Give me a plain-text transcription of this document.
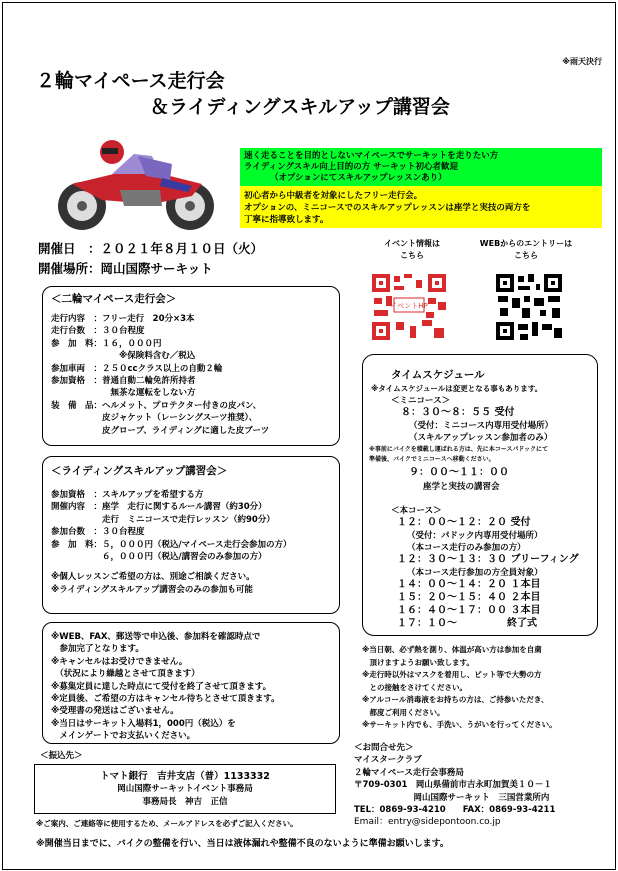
※雨天決行
２輪マイペース走行会
＆ライディングスキルアップ講習会
速く走ることを目的としないマイペースでサーキットを走りたい方
ライディングスキル向上目的の方 サーキット初心者歓迎
（オプションにてスキルアップレッスンあり）
初心者から中級者を対象にしたフリー走行会。
オプションの、ミニコースでのスキルアップレッスンは座学と実技の両方を
丁寧に指導致します。
開催日　：２０２１年８月１０日（火）
開催場所：岡山国際サーキット
イベント情報は
こちら
WEBからのエントリーは
こちら
イベントHP
＜二輪マイペース走行会＞
走行内容　：フリー走行　20分×3本
走行台数　：３０台程度
参　加　料：１６，０００円
　　　　　　　　※保険料含む／税込
参加車両　：２５０ccクラス以上の自動２輪
参加資格　：普通自動二輪免許所持者
　　　　　　　無茶な運転をしない方
装　備　品：ヘルメット、プロテクター付きの皮パン、
　　　　　　皮ジャケット（レーシングスーツ推奨）、
　　　　　　皮グローブ、ライディングに適した皮ブーツ
＜ライディングスキルアップ講習会＞
参加資格　：スキルアップを希望する方
開催内容　：座学　走行に関するルール講習（約30分）
　　　　　　走行　ミニコースで走行レッスン（約90分）
参加台数　：３０台程度
参　加　料：５，０００円（税込/マイペース走行会参加の方）
　　　　　　６，０００円（税込/講習会のみ参加の方）
※個人レッスンご希望の方は、別途ご相談ください。
※ライディングスキルアップ講習会のみの参加も可能
※WEB、FAX、郵送等で申込後、参加料を確認時点で
　参加完了となります。
※キャンセルはお受けできません。
　（状況により繰越とさせて頂きます）
※募集定員に達した時点にて受付を終了させて頂きます。
※定員後、ご希望の方はキャンセル待ちとさせて頂きます。
※受理書の発送はございません。
※当日はサーキット入場料1，000円（税込）を
　メインゲートでお支払いください。
＜振込先＞
トマト銀行　吉井支店（普）1133332
岡山国際サーキットイベント事務局
事務局長　神吉　正信
※ご案内、ご連絡等に使用するため、メールアドレスを必ずご記入ください。
タイムスケジュール
※タイムスケジュールは変更となる事もあります。
＜ミニコース＞
８：３０～８：５５ 受付
（受付：ミニコース内専用受付場所）
（スキルアップレッスン参加者のみ）
※事前にバイクを積載し運ばれる方は、先に本コースパドックにて
準備後、バイクでミニコースへ移動ください。
９：００～１１：００
座学と実技の講習会
＜本コース＞
１２：００～１２：２０ 受付
（受付：パドック内専用受付場所）
（本コース走行のみ参加の方）
１２：３０～１３：３０ ブリーフィング
（本コース走行参加の方全員対象）
１４：００～１４：２０ １本目
１５：２０～１５：４０ ２本目
１６：４０～１７：００ ３本目
１７：１０～　　　　　終了式
※当日朝、必ず熱を測り、体温が高い方は参加を自粛
　頂けますようお願い致します。
※走行時以外はマスクを着用し、ピット等で大勢の方
　との接触をさけてください。
※アルコール消毒液をお持ちの方は、ご持参いただき、
　都度ご利用ください。
※サーキット内でも、手洗い、うがいを行ってください。
＜お問合せ先＞
マイスタークラブ
２輪マイペース走行会事務局
〒709-0301　岡山県備前市吉永町加賀美１０－１
　　　　　　　岡山国際サーキット　三国営業所内
TEL：0869-93-4210　　FAX：0869-93-4211
Email：entry@sidepontoon.co.jp
※開催当日までに、バイクの整備を行い、当日は液体漏れや整備不良のないように準備お願いします。
